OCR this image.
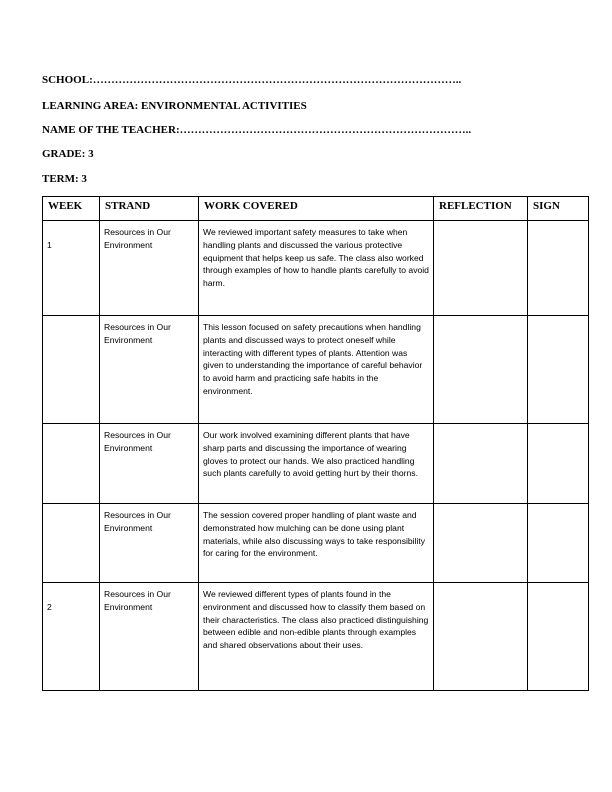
SCHOOL:………………………………………………………………………………………..
LEARNING AREA: ENVIRONMENTAL ACTIVITIES
NAME OF THE TEACHER:……………………………………………………………………..
GRADE: 3
TERM: 3
WEEK	STRAND	WORK COVERED	REFLECTION	SIGN

1	Resources in Our Environment	We reviewed important safety measures to take when handling plants and discussed the various protective equipment that helps keep us safe. The class also worked through examples of how to handle plants carefully to avoid harm.		

	Resources in Our Environment	This lesson focused on safety precautions when handling plants and discussed ways to protect oneself while interacting with different types of plants. Attention was given to understanding the importance of careful behavior to avoid harm and practicing safe habits in the environment.		

	Resources in Our Environment	Our work involved examining different plants that have sharp parts and discussing the importance of wearing gloves to protect our hands. We also practiced handling such plants carefully to avoid getting hurt by their thorns.		

	Resources in Our Environment	The session covered proper handling of plant waste and demonstrated how mulching can be done using plant materials, while also discussing ways to take responsibility for caring for the environment.		

2	Resources in Our Environment	We reviewed different types of plants found in the environment and discussed how to classify them based on their characteristics. The class also practiced distinguishing between edible and non-edible plants through examples and shared observations about their uses.		
